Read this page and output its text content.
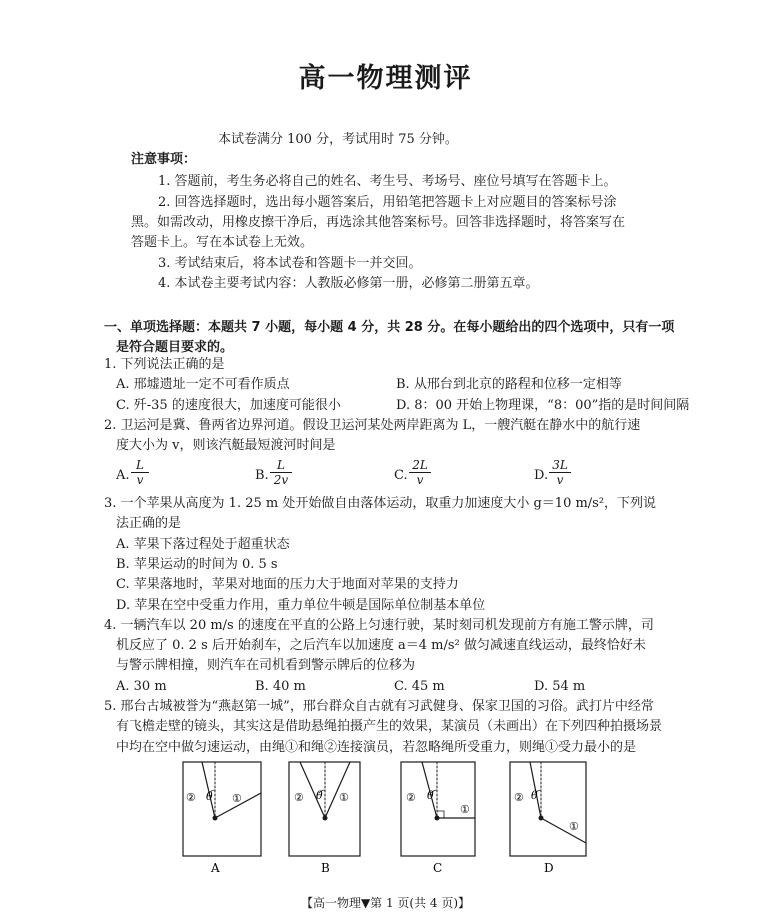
高一物理测评
本试卷满分 100 分，考试用时 75 分钟。
注意事项：
1. 答题前，考生务必将自己的姓名、考生号、考场号、座位号填写在答题卡上。
2. 回答选择题时，选出每小题答案后，用铅笔把答题卡上对应题目的答案标号涂
黑。如需改动，用橡皮擦干净后，再选涂其他答案标号。回答非选择题时，将答案写在
答题卡上。写在本试卷上无效。
3. 考试结束后，将本试卷和答题卡一并交回。
4. 本试卷主要考试内容：人教版必修第一册，必修第二册第五章。
一、单项选择题：本题共 7 小题，每小题 4 分，共 28 分。在每小题给出的四个选项中，只有一项
是符合题目要求的。
1. 下列说法正确的是
A. 邢墟遗址一定不可看作质点	B. 从邢台到北京的路程和位移一定相等
C. 歼-35 的速度很大，加速度可能很小	D. 8：00 开始上物理课，“8：00”指的是时间间隔
2. 卫运河是冀、鲁两省边界河道。假设卫运河某处两岸距离为 L，一艘汽艇在静水中的航行速
度大小为 v，则该汽艇最短渡河时间是
A. $\frac{L}{v}$	B. $\frac{L}{2v}$	C. $\frac{2L}{v}$	D. $\frac{3L}{v}$
3. 一个苹果从高度为 1. 25 m 处开始做自由落体运动，取重力加速度大小 g＝10 m/s²，下列说
法正确的是
A. 苹果下落过程处于超重状态
B. 苹果运动的时间为 0. 5 s
C. 苹果落地时，苹果对地面的压力大于地面对苹果的支持力
D. 苹果在空中受重力作用，重力单位牛顿是国际单位制基本单位
4. 一辆汽车以 20 m/s 的速度在平直的公路上匀速行驶，某时刻司机发现前方有施工警示牌，司
机反应了 0. 2 s 后开始刹车，之后汽车以加速度 a＝4 m/s² 做匀减速直线运动，最终恰好未
与警示牌相撞，则汽车在司机看到警示牌后的位移为
A. 30 m	B. 40 m	C. 45 m	D. 54 m
5. 邢台古城被誉为“燕赵第一城”，邢台群众自古就有习武健身、保家卫国的习俗。武打片中经常
有飞檐走壁的镜头，其实这是借助悬绳拍摄产生的效果，某演员（未画出）在下列四种拍摄场景
中均在空中做匀速运动，由绳①和绳②连接演员，若忽略绳所受重力，则绳①受力最小的是
θ
②	①
A
θ
②	①
B
θ
②
①
C
θ
②
①
D
【高一物理▼第 1 页(共 4 页)】
